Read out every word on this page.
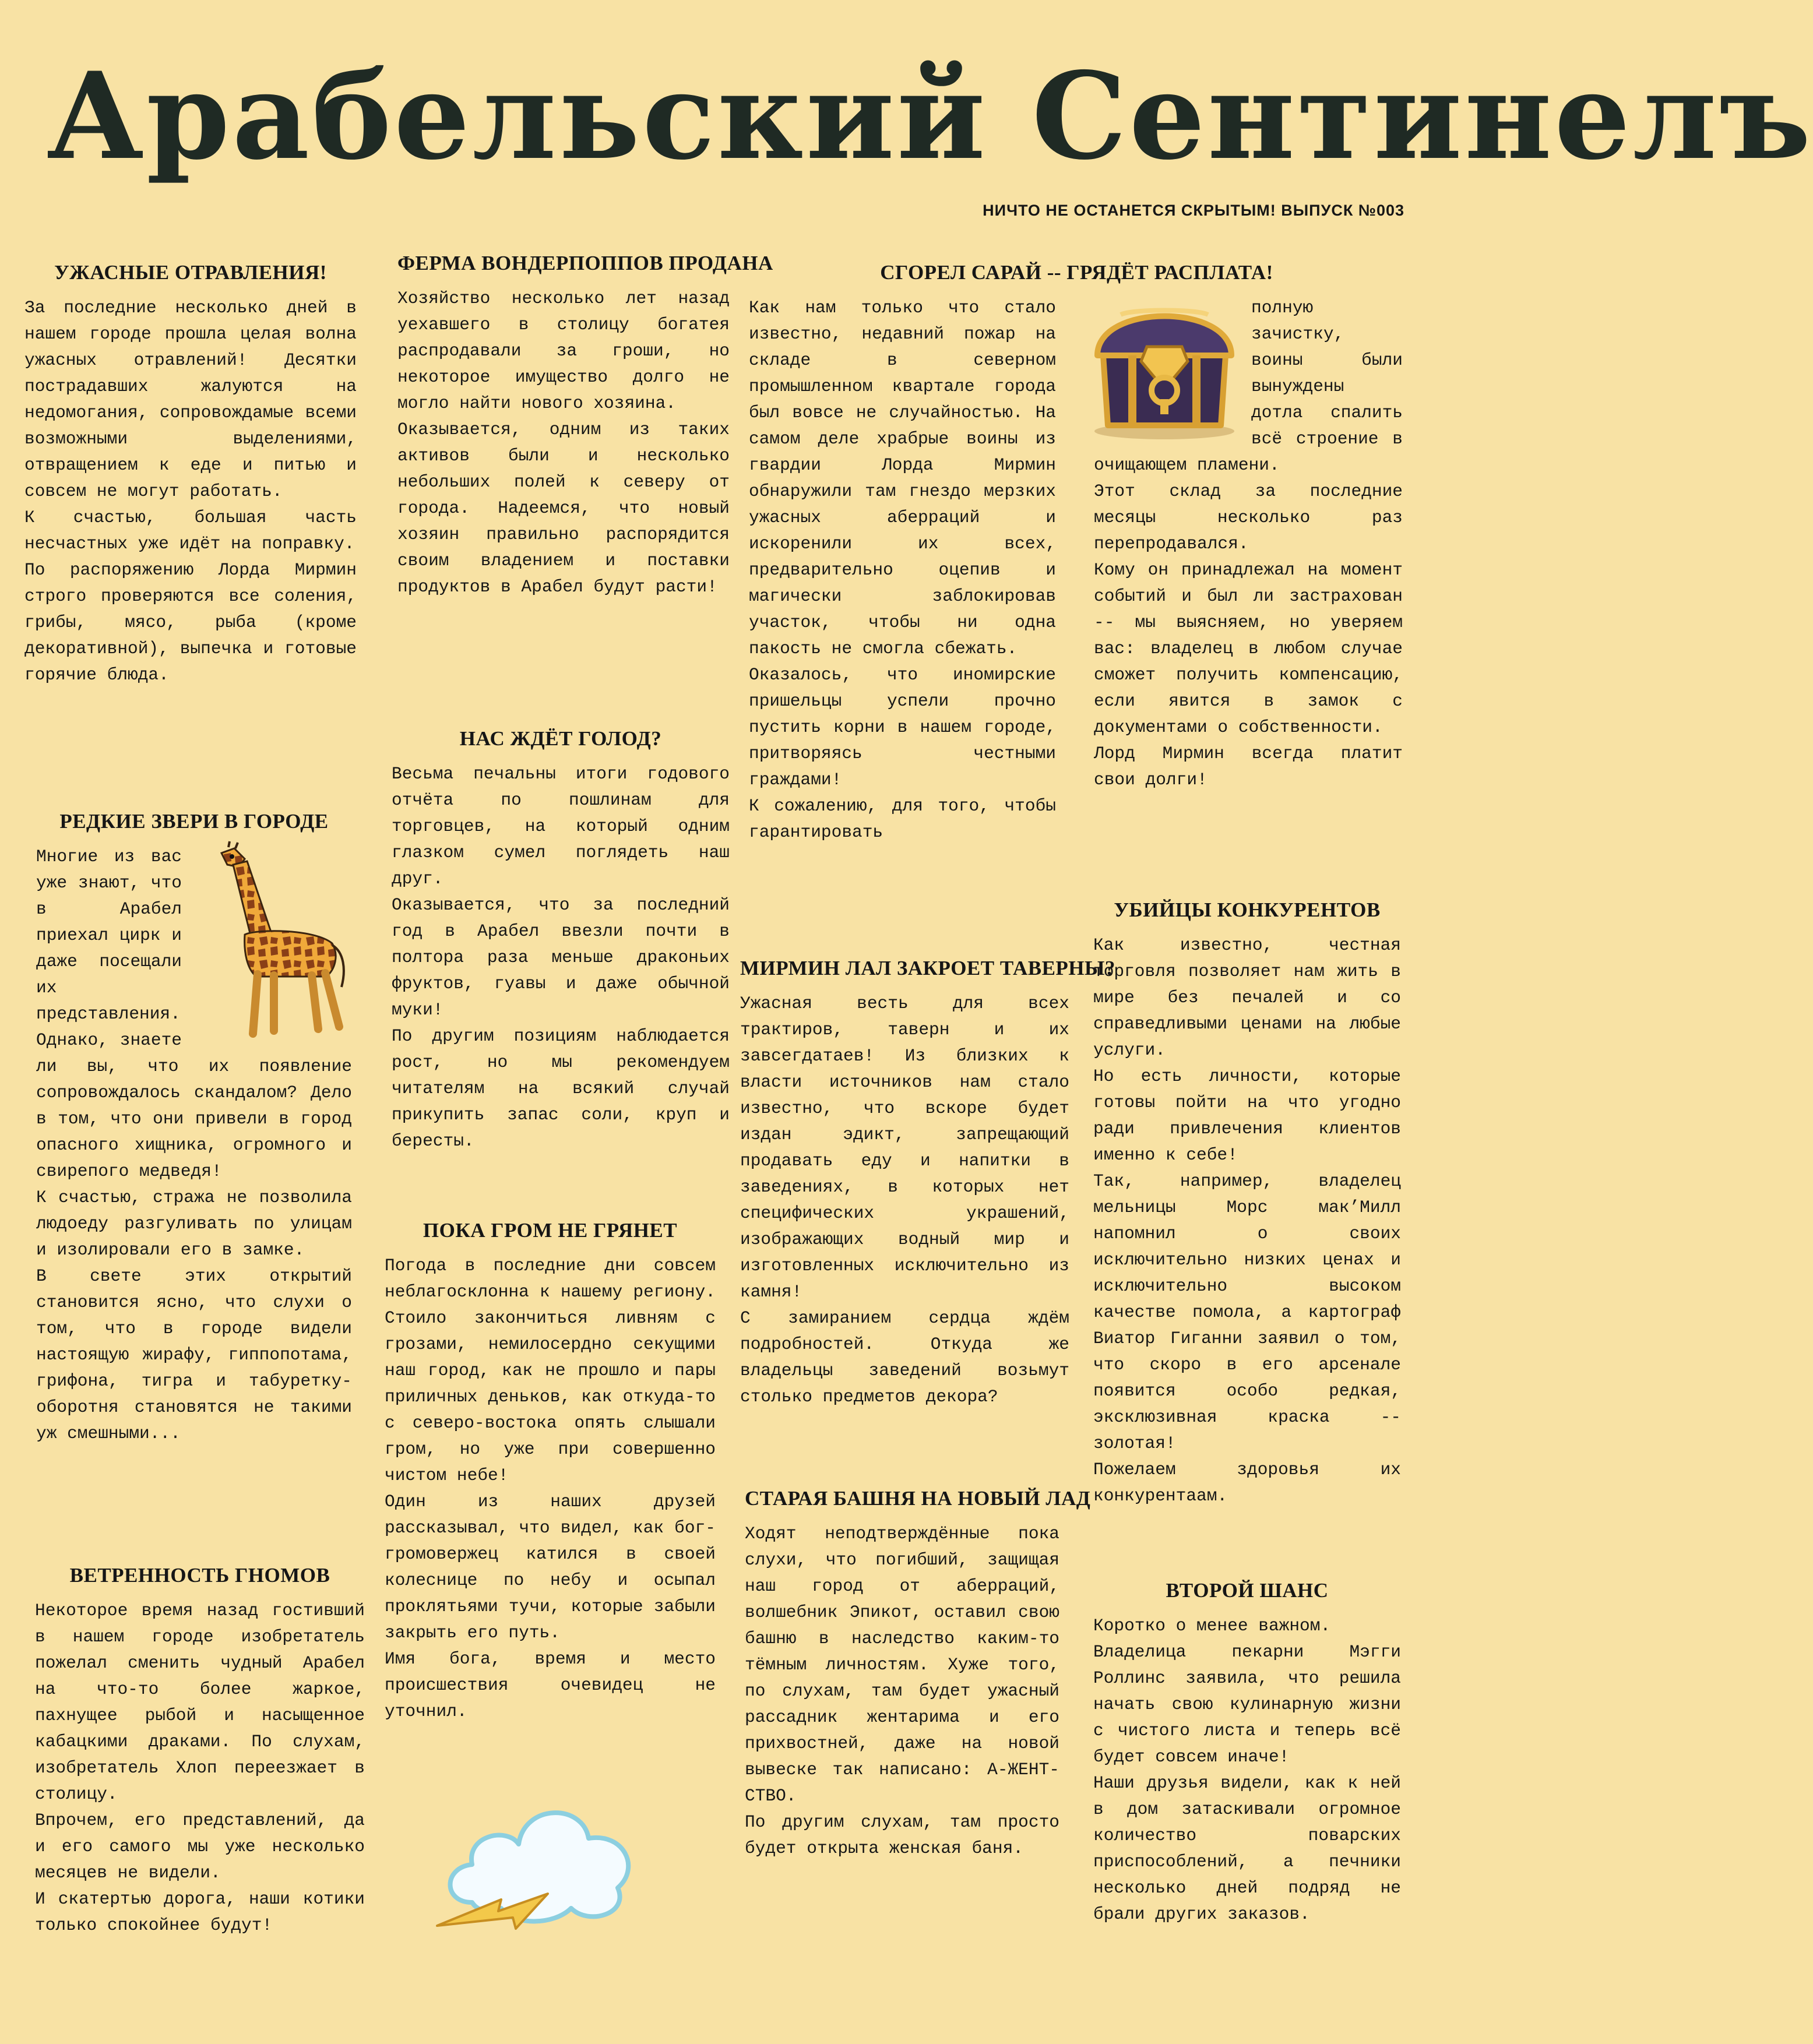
Арабельский Сентинелъ
НИЧТО НЕ ОСТАНЕТСЯ СКРЫТЫМ! ВЫПУСК №003
УЖАСНЫЕ ОТРАВЛЕНИЯ!

За последние несколько дней в нашем городе прошла целая волна ужасных отравлений! Десятки пострадавших жалуются на недомогания, сопровождамые всеми возможными выделениями, отвращением к еде и питью и совсем не могут работать.

К счастью, большая часть несчастных уже идёт на поправку.

По распоряжению Лорда Мирмин строго проверяются все соления, грибы, мясо, рыба (кроме декоративной), выпечка и готовые горячие блюда.

РЕДКИЕ ЗВЕРИ В ГОРОДЕ

Многие из вас уже знают, что в Арабел приехал цирк и даже посещали их представления.

Однако, знаете ли вы, что их появление сопровождалось скандалом? Дело в том, что они привели в город опасного хищника, огромного и свирепого медведя!

К счастью, стража не позволила людоеду разгуливать по улицам и изолировали его в замке.

В свете этих открытий становится ясно, что слухи о том, что в городе видели настоящую жирафу, гиппопотама, грифона, тигра и табуретку-оборотня становятся не такими уж смешными...

ВЕТРЕННОСТЬ ГНОМОВ

Некоторое время назад гостивший в нашем городе изобретатель пожелал сменить чудный Арабел на что-то более жаркое, пахнущее рыбой и насыщенное кабацкими драками. По слухам, изобретатель Хлоп переезжает в столицу.

Впрочем, его представлений, да и его самого мы уже несколько месяцев не видели.

И скатертью дорога, наши котики только спокойнее будут!

ФЕРМА ВОНДЕРПОППОВ ПРОДАНА

Хозяйство несколько лет назад уехавшего в столицу богатея распродавали за гроши, но некоторое имущество долго не могло найти нового хозяина.

Оказывается, одним из таких активов были и несколько небольших полей к северу от города. Надеемся, что новый хозяин правильно распорядится своим владением и поставки продуктов в Арабел будут расти!

НАС ЖДЁТ ГОЛОД?

Весьма печальны итоги годового отчёта по пошлинам для торговцев, на который одним глазком сумел поглядеть наш друг.

Оказывается, что за последний год в Арабел ввезли почти в полтора раза меньше драконьих фруктов, гуавы и даже обычной муки!

По другим позициям наблюдается рост, но мы рекомендуем читателям на всякий случай прикупить запас соли, круп и бересты.

ПОКА ГРОМ НЕ ГРЯНЕТ

Погода в последние дни совсем неблагосклонна к нашему региону. Стоило закончиться ливням с грозами, немилосердно секущими наш город, как не прошло и пары приличных деньков, как откуда-то с северо-востока опять слышали гром, но уже при совершенно чистом небе!

Один из наших друзей рассказывал, что видел, как бог-громовержец катился в своей колеснице по небу и осыпал проклятьями тучи, которые забыли закрыть его путь.

Имя бога, время и место происшествия очевидец не уточнил.

СГОРЕЛ САРАЙ -- ГРЯДЁТ РАСПЛАТА!

Как нам только что стало известно, недавний пожар на складе в северном промышленном квартале города был вовсе не случайностью. На самом деле храбрые воины из гвардии Лорда Мирмин обнаружили там гнездо мерзких ужасных аберраций и искоренили их всех, предварительно оцепив и магически заблокировав участок, чтобы ни одна пакость не смогла сбежать.

Оказалось, что иномирские пришельцы успели прочно пустить корни в нашем городе, притворяясь честными граждами!

К сожалению, для того, чтобы гарантировать

полную зачистку, воины были вынуждены дотла спалить всё строение в очищающем пламени.

Этот склад за последние месяцы несколько раз перепродавался.

Кому он принадлежал на момент событий и был ли застрахован -- мы выясняем, но уверяем вас: владелец в любом случае сможет получить компенсацию, если явится в замок с документами о собственности.

Лорд Мирмин всегда платит свои долги!

МИРМИН ЛАЛ ЗАКРОЕТ ТАВЕРНЫ?

Ужасная весть для всех трактиров, таверн и их завсегдатаев! Из близких к власти источников нам стало известно, что вскоре будет издан эдикт, запрещающий продавать еду и напитки в заведениях, в которых нет специфических украшений, изображающих водный мир и изготовленных исключительно из камня!

С замиранием сердца ждём подробностей. Откуда же владельцы заведений возьмут столько предметов декора?

СТАРАЯ БАШНЯ НА НОВЫЙ ЛАД

Ходят неподтверждённые пока слухи, что погибший, защищая наш город от аберраций, волшебник Эпикот, оставил свою башню в наследство каким-то тёмным личностям. Хуже того, по слухам, там будет ужасный рассадник жентарима и его прихвостней, даже на новой вывеске так написано: А-ЖЕНТ-СТВО.

По другим слухам, там просто будет открыта женская баня.

УБИЙЦЫ КОНКУРЕНТОВ

Как известно, честная торговля позволяет нам жить в мире без печалей и со справедливыми ценами на любые услуги.

Но есть личности, которые готовы пойти на что угодно ради привлечения клиентов именно к себе!

Так, например, владелец мельницы Морс мак’Милл напомнил о своих исключительно низких ценах и исключительно высоком качестве помола, а картограф Виатор Гиганни заявил о том, что скоро в его арсенале появится особо редкая, эксклюзивная краска -- золотая!

Пожелаем здоровья их конкурентаам.

ВТОРОЙ ШАНС

Коротко о менее важном.

Владелица пекарни Мэгги Роллинс заявила, что решила начать свою кулинарную жизни с чистого листа и теперь всё будет совсем иначе!

Наши друзья видели, как к ней в дом затаскивали огромное количество поварских приспособлений, а печники несколько дней подряд не брали других заказов.
